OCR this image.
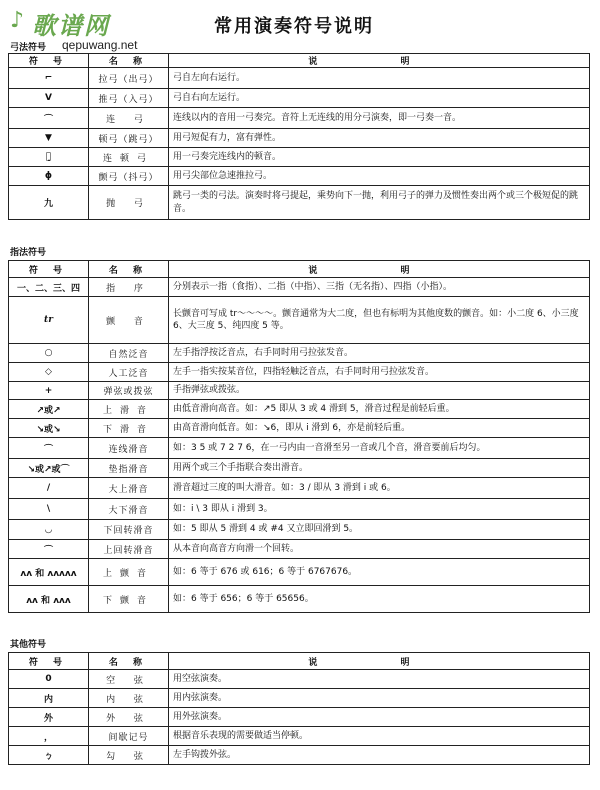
♪ 歌谱网
qepuwang.net
常用演奏符号说明
弓法符号
符 号	名 称	说 明
⌐	拉弓（出弓）	弓自左向右运行。
V	推弓（入弓）	弓自右向左运行。
⌒	连 弓	连线以内的音用一弓奏完。音符上无连线的用分弓演奏，即一弓奏一音。
▼	顿弓（跳弓）	用弓短促有力，富有弹性。
⌒̣	连顿弓	用一弓奏完连线内的顿音。
ϕ	颤弓（抖弓）	用弓尖部位急速推拉弓。
九	抛 弓	跳弓一类的弓法。演奏时将弓提起，乘势向下一抛，利用弓子的弹力及惯性奏出两个或三个极短促的跳音。
指法符号
符 号	名 称	说 明
一、二、三、四	指 序	分别表示一指（食指）、二指（中指）、三指（无名指）、四指（小指）。
tr	颤 音	长颤音可写成 tr～～～～。颤音通常为大二度，但也有标明为其他度数的颤音。如：小二度 6、小三度 6、大三度 5、纯四度 5 等。
○	自然泛音	左手指浮按泛音点，右手同时用弓拉弦发音。
◇	人工泛音	左手一指实按某音位，四指轻触泛音点，右手同时用弓拉弦发音。
+	弹弦或拨弦	手指弹弦或拨弦。
↗或↗	上滑音	由低音滑向高音。如：↗5 即从 3 或 4 滑到 5，滑音过程是前轻后重。
↘或↘	下滑音	由高音滑向低音。如：↘6，即从 i 滑到 6，亦是前轻后重。
⌒	连线滑音	如：3 5 或 7 2 7 6，在一弓内由一音滑至另一音或几个音，滑音要前后均匀。
↘或↗或⌒	垫指滑音	用两个或三个手指联合奏出滑音。
/	大上滑音	滑音超过三度的叫大滑音。如：3 / 即从 3 滑到 i 或 6。
\	大下滑音	如：i \ 3 即从 i 滑到 3。
◡	下回转滑音	如：5 即从 5 滑到 4 或 #4 又立即回滑到 5。
⌒	上回转滑音	从本音向高音方向滑一个回转。
ʌʌ 和 ʌʌʌʌʌ	上颤音	如：6 等于 676 或 616；6 等于 6767676。
ʌʌ 和 ʌʌʌ	下颤音	如：6 等于 656；6 等于 65656。
其他符号
符 号	名 称	说 明
0	空 弦	用空弦演奏。
内	内 弦	用内弦演奏。
外	外 弦	用外弦演奏。
，	间歇记号	根据音乐表现的需要做适当停顿。
ㄅ	勾 弦	左手钩拨外弦。
